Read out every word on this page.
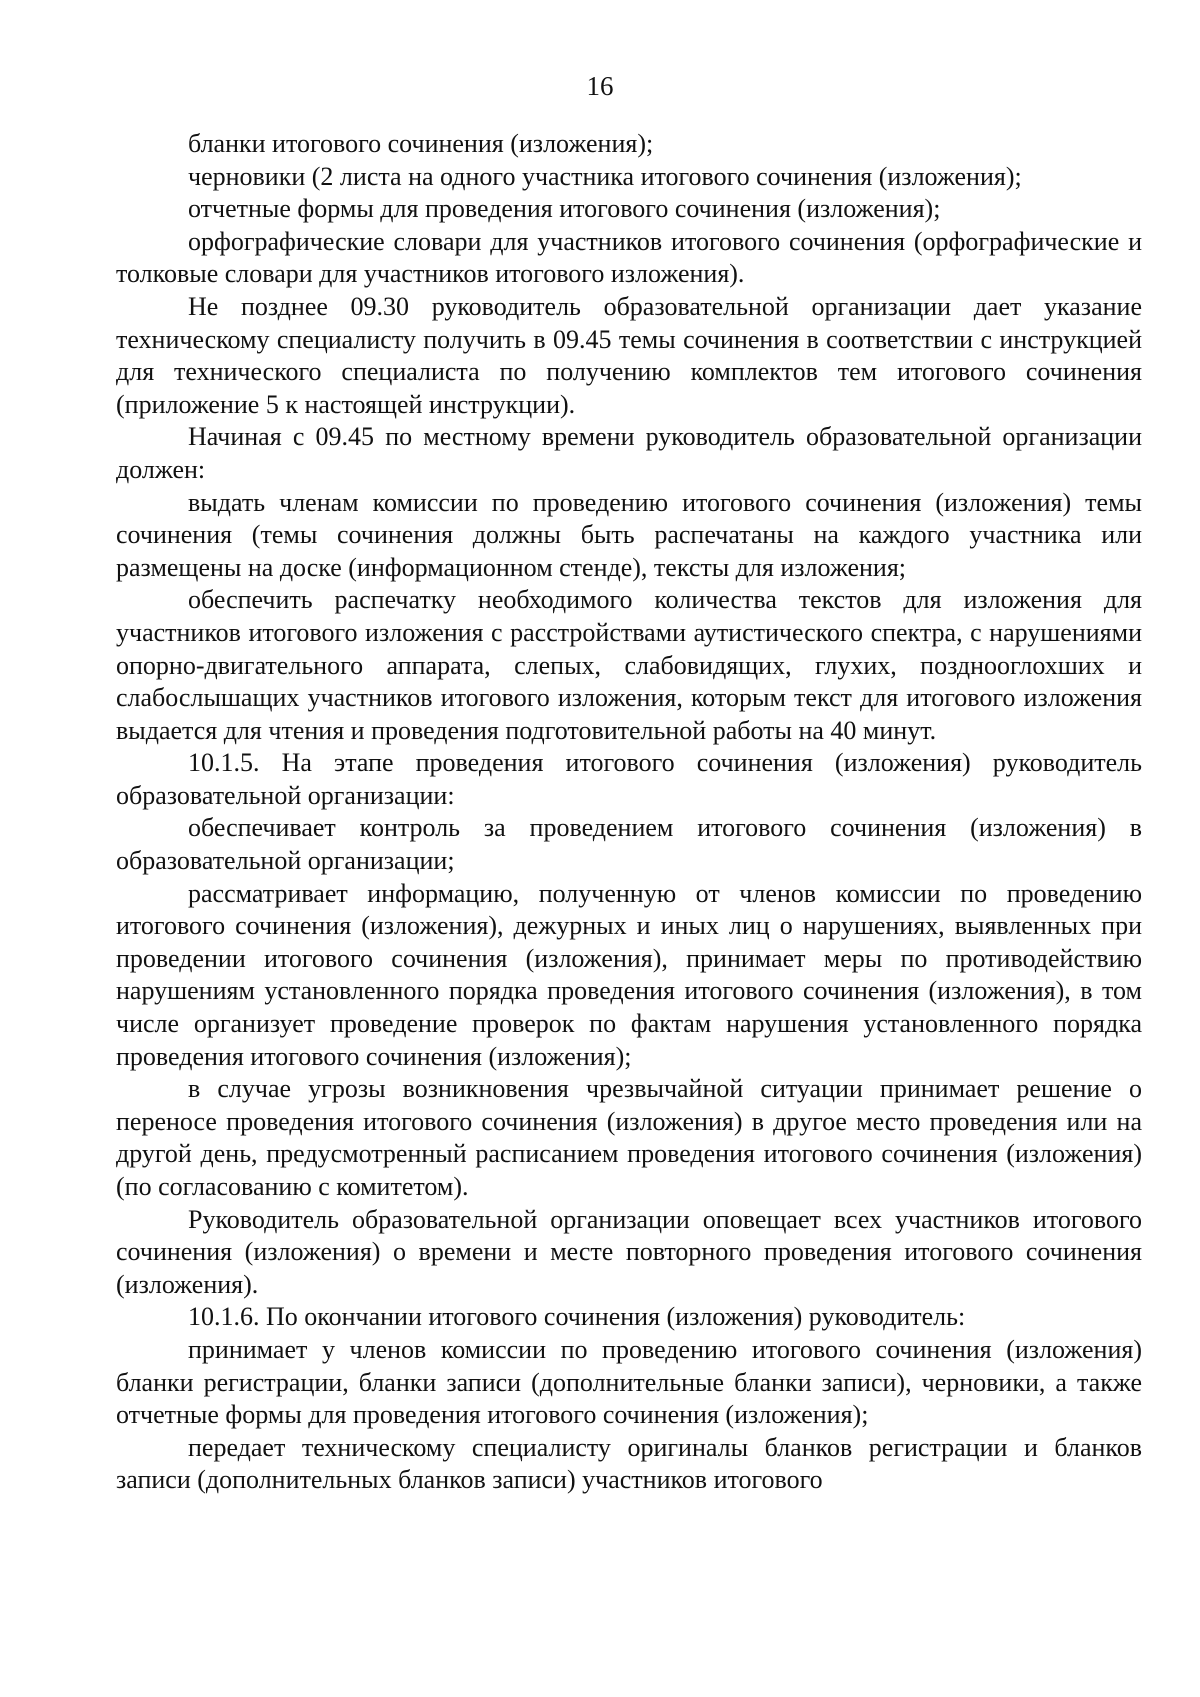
16

бланки итогового сочинения (изложения);

черновики (2 листа на одного участника итогового сочинения (изложения);

отчетные формы для проведения итогового сочинения (изложения);

орфографические словари для участников итогового сочинения (орфографические и толковые словари для участников итогового изложения).

Не позднее 09.30 руководитель образовательной организации дает указание техническому специалисту получить в 09.45 темы сочинения в соответствии с инструкцией для технического специалиста по получению комплектов тем итогового сочинения (приложение 5 к настоящей инструкции).

Начиная с 09.45 по местному времени руководитель образовательной организации должен:

выдать членам комиссии по проведению итогового сочинения (изложения) темы сочинения (темы сочинения должны быть распечатаны на каждого участника или размещены на доске (информационном стенде), тексты для изложения;

обеспечить распечатку необходимого количества текстов для изложения для участников итогового изложения с расстройствами аутистического спектра, с нарушениями опорно-двигательного аппарата, слепых, слабовидящих, глухих, позднооглохших и слабослышащих участников итогового изложения, которым текст для итогового изложения выдается для чтения и проведения подготовительной работы на 40 минут.

10.1.5. На этапе проведения итогового сочинения (изложения) руководитель образовательной организации:

обеспечивает контроль за проведением итогового сочинения (изложения) в образовательной организации;

рассматривает информацию, полученную от членов комиссии по проведению итогового сочинения (изложения), дежурных и иных лиц о нарушениях, выявленных при проведении итогового сочинения (изложения), принимает меры по противодействию нарушениям установленного порядка проведения итогового сочинения (изложения), в том числе организует проведение проверок по фактам нарушения установленного порядка проведения итогового сочинения (изложения);

в случае угрозы возникновения чрезвычайной ситуации принимает решение о переносе проведения итогового сочинения (изложения) в другое место проведения или на другой день, предусмотренный расписанием проведения итогового сочинения (изложения) (по согласованию с комитетом).

Руководитель образовательной организации оповещает всех участников итогового сочинения (изложения) о времени и месте повторного проведения итогового сочинения (изложения).

10.1.6. По окончании итогового сочинения (изложения) руководитель:

принимает у членов комиссии по проведению итогового сочинения (изложения) бланки регистрации, бланки записи (дополнительные бланки записи), черновики, а также отчетные формы для проведения итогового сочинения (изложения);

передает техническому специалисту оригиналы бланков регистрации и бланков записи (дополнительных бланков записи) участников итогового
